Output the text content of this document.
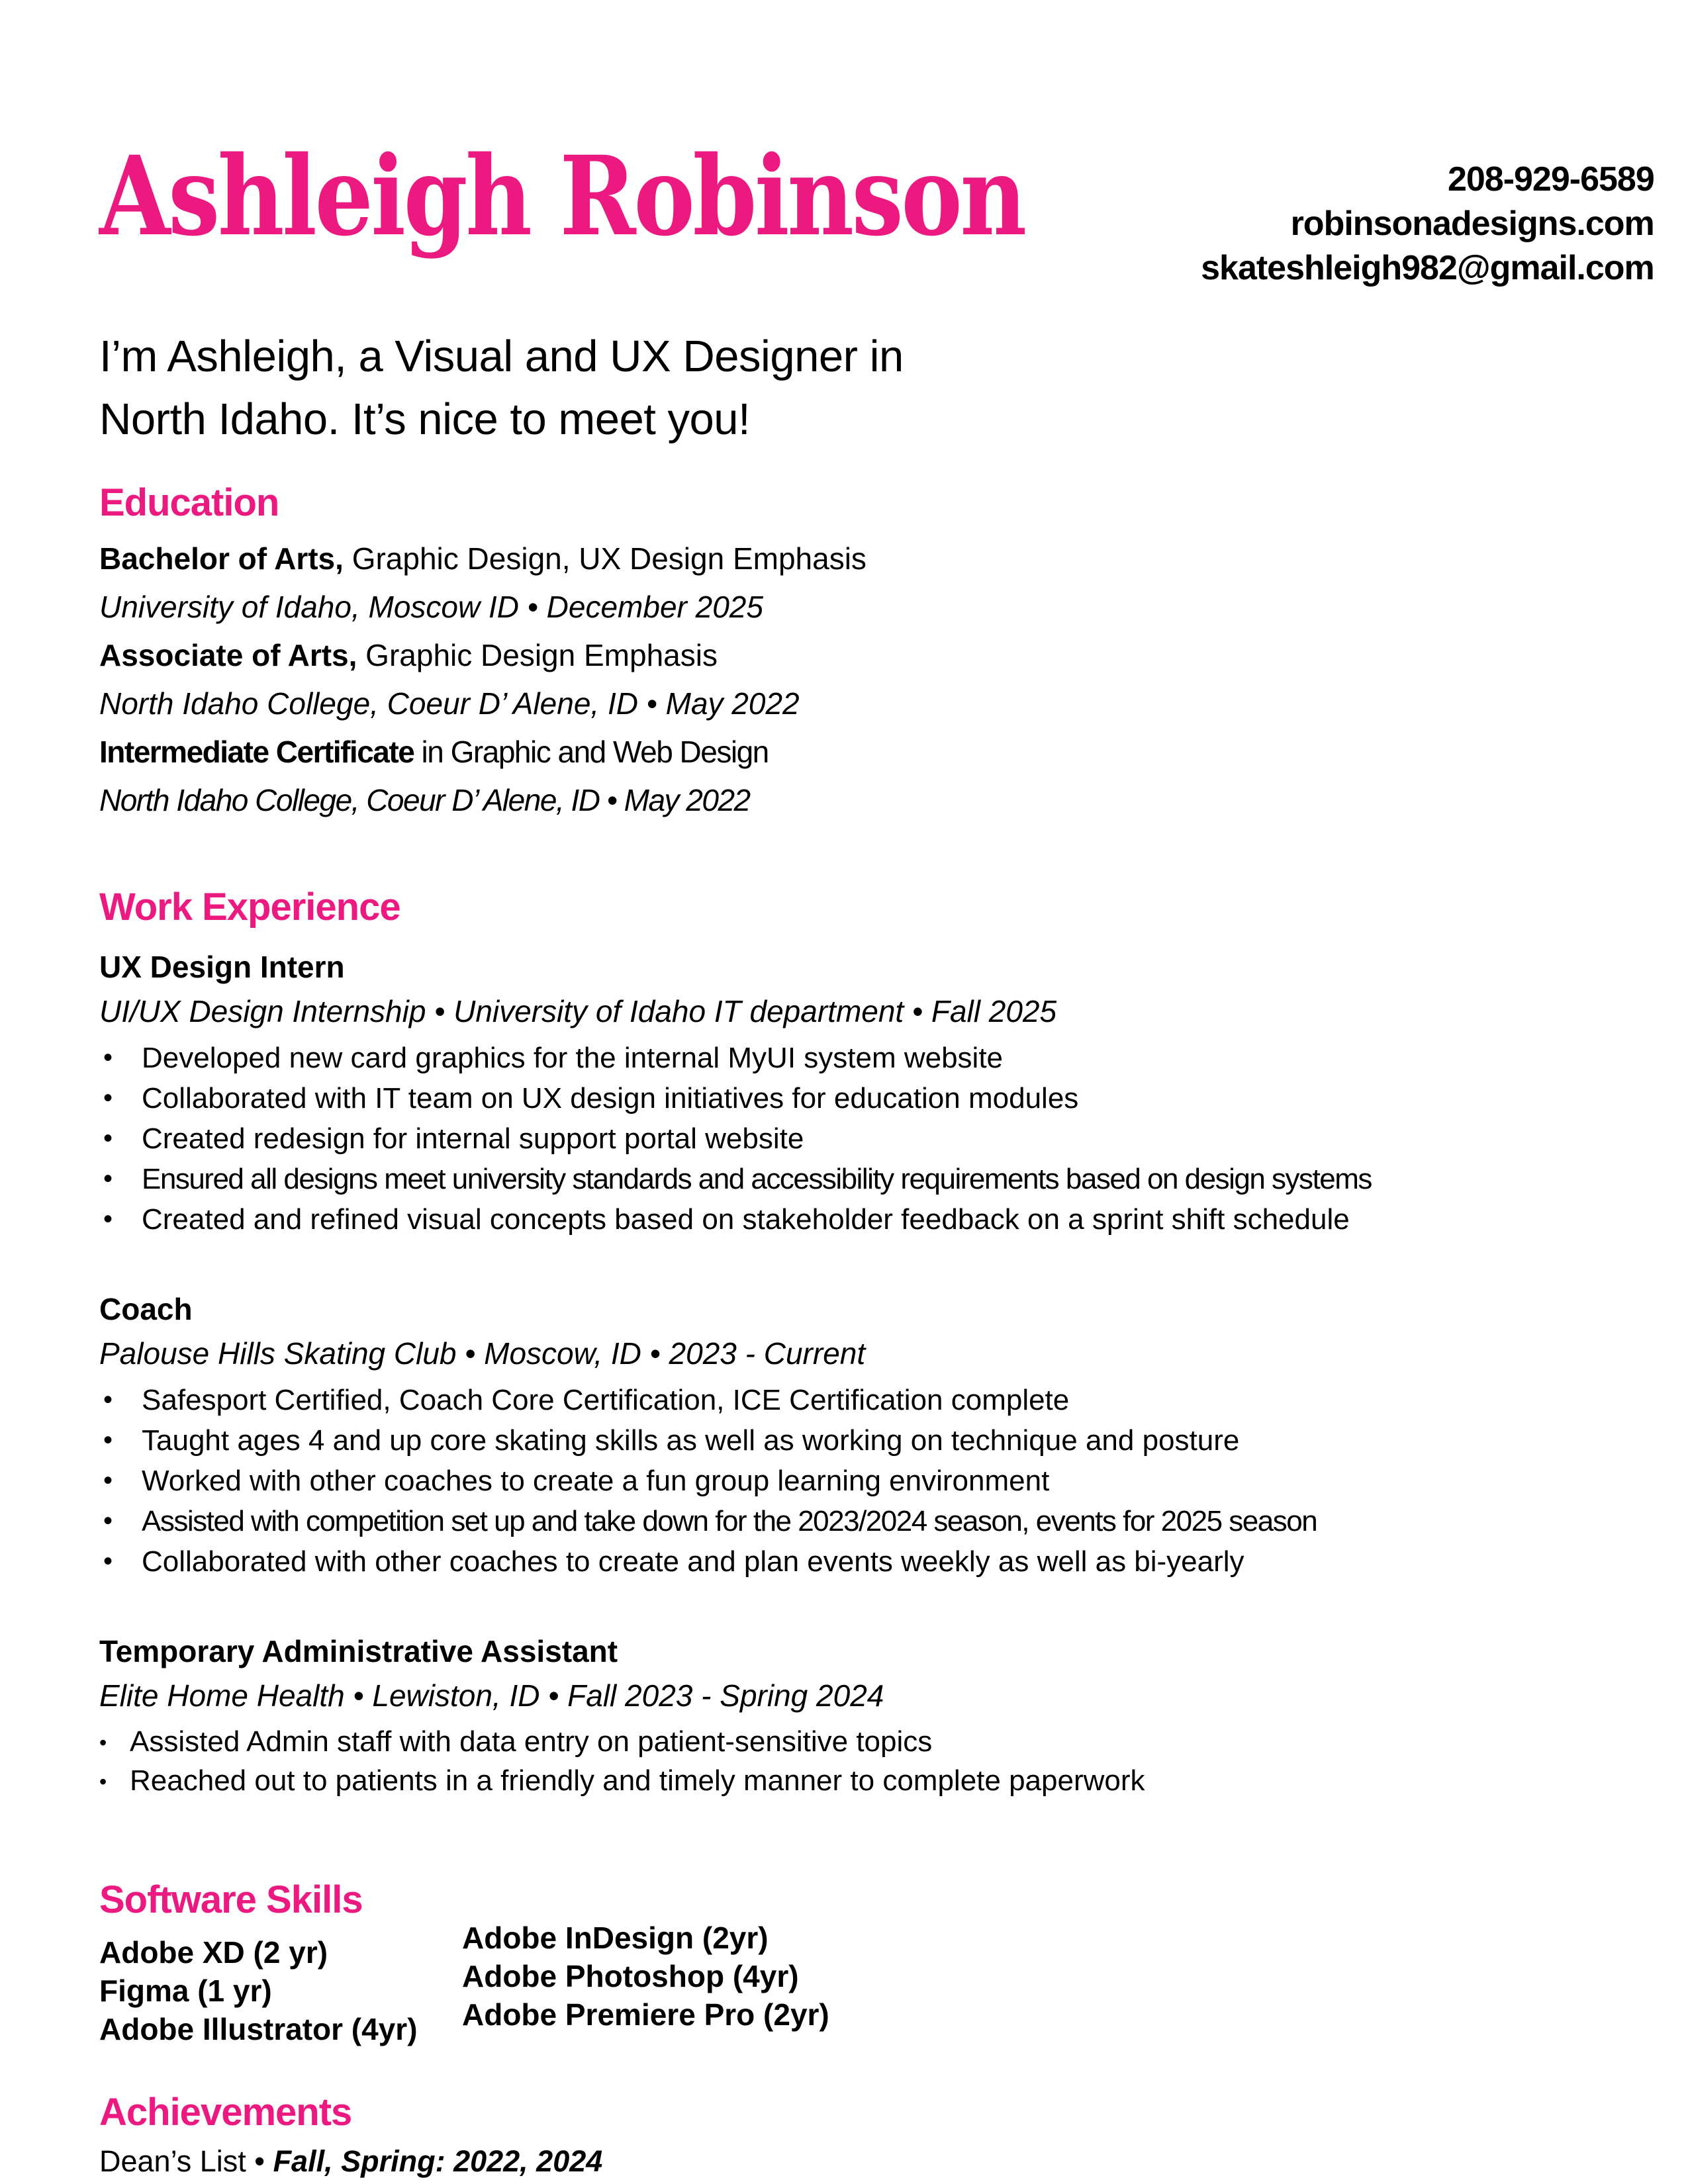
Ashleigh Robinson	208-929-6589
robinsonadesigns.com
skateshleigh982@gmail.com
I’m Ashleigh, a Visual and UX Designer in
North Idaho. It’s nice to meet you!
Education
Bachelor of Arts, Graphic Design, UX Design Emphasis
University of Idaho, Moscow ID • December 2025
Associate of Arts, Graphic Design Emphasis
North Idaho College, Coeur D’ Alene, ID • May 2022
Intermediate Certificate in Graphic and Web Design
North Idaho College, Coeur D’ Alene, ID • May 2022
Work Experience
UX Design Intern
UI/UX Design Internship • University of Idaho IT department • Fall 2025
• Developed new card graphics for the internal MyUI system website
• Collaborated with IT team on UX design initiatives for education modules
• Created redesign for internal support portal website
• Ensured all designs meet university standards and accessibility requirements based on design systems
• Created and refined visual concepts based on stakeholder feedback on a sprint shift schedule
Coach
Palouse Hills Skating Club • Moscow, ID • 2023 - Current
• Safesport Certified, Coach Core Certification, ICE Certification complete
• Taught ages 4 and up core skating skills as well as working on technique and posture
• Worked with other coaches to create a fun group learning environment
• Assisted with competition set up and take down for the 2023/2024 season, events for 2025 season
• Collaborated with other coaches to create and plan events weekly as well as bi-yearly
Temporary Administrative Assistant
Elite Home Health • Lewiston, ID • Fall 2023 - Spring 2024
• Assisted Admin staff with data entry on patient-sensitive topics
• Reached out to patients in a friendly and timely manner to complete paperwork
Software Skills

Adobe XD (2 yr)

Figma (1 yr)

Adobe Illustrator (4yr)

Adobe InDesign (2yr)

Adobe Photoshop (4yr)

Adobe Premiere Pro (2yr)

Achievements
Dean’s List • Fall, Spring: 2022, 2024
